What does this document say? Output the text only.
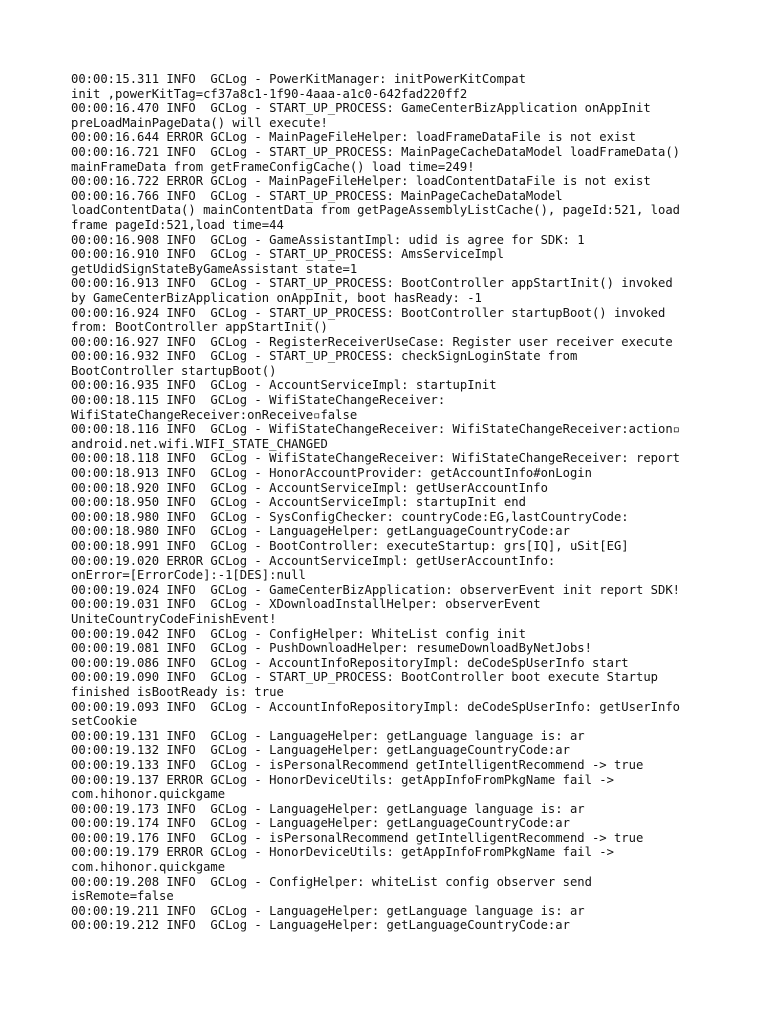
00:00:15.311 INFO  GCLog - PowerKitManager: initPowerKitCompat
init ,powerKitTag=cf37a8c1-1f90-4aaa-a1c0-642fad220ff2
00:00:16.470 INFO  GCLog - START_UP_PROCESS: GameCenterBizApplication onAppInit
preLoadMainPageData() will execute!
00:00:16.644 ERROR GCLog - MainPageFileHelper: loadFrameDataFile is not exist
00:00:16.721 INFO  GCLog - START_UP_PROCESS: MainPageCacheDataModel loadFrameData()
mainFrameData from getFrameConfigCache() load time=249!
00:00:16.722 ERROR GCLog - MainPageFileHelper: loadContentDataFile is not exist
00:00:16.766 INFO  GCLog - START_UP_PROCESS: MainPageCacheDataModel
loadContentData() mainContentData from getPageAssemblyListCache(), pageId:521, load
frame pageId:521,load time=44
00:00:16.908 INFO  GCLog - GameAssistantImpl: udid is agree for SDK: 1
00:00:16.910 INFO  GCLog - START_UP_PROCESS: AmsServiceImpl
getUdidSignStateByGameAssistant state=1
00:00:16.913 INFO  GCLog - START_UP_PROCESS: BootController appStartInit() invoked
by GameCenterBizApplication onAppInit, boot hasReady: -1
00:00:16.924 INFO  GCLog - START_UP_PROCESS: BootController startupBoot() invoked
from: BootController appStartInit()
00:00:16.927 INFO  GCLog - RegisterReceiverUseCase: Register user receiver execute
00:00:16.932 INFO  GCLog - START_UP_PROCESS: checkSignLoginState from
BootController startupBoot()
00:00:16.935 INFO  GCLog - AccountServiceImpl: startupInit
00:00:18.115 INFO  GCLog - WifiStateChangeReceiver:
WifiStateChangeReceiver:onReceive▫false
00:00:18.116 INFO  GCLog - WifiStateChangeReceiver: WifiStateChangeReceiver:action▫
android.net.wifi.WIFI_STATE_CHANGED
00:00:18.118 INFO  GCLog - WifiStateChangeReceiver: WifiStateChangeReceiver: report
00:00:18.913 INFO  GCLog - HonorAccountProvider: getAccountInfo#onLogin
00:00:18.920 INFO  GCLog - AccountServiceImpl: getUserAccountInfo
00:00:18.950 INFO  GCLog - AccountServiceImpl: startupInit end
00:00:18.980 INFO  GCLog - SysConfigChecker: countryCode:EG,lastCountryCode:
00:00:18.980 INFO  GCLog - LanguageHelper: getLanguageCountryCode:ar
00:00:18.991 INFO  GCLog - BootController: executeStartup: grs[IQ], uSit[EG]
00:00:19.020 ERROR GCLog - AccountServiceImpl: getUserAccountInfo:
onError=[ErrorCode]:-1[DES]:null
00:00:19.024 INFO  GCLog - GameCenterBizApplication: observerEvent init report SDK!
00:00:19.031 INFO  GCLog - XDownloadInstallHelper: observerEvent
UniteCountryCodeFinishEvent!
00:00:19.042 INFO  GCLog - ConfigHelper: WhiteList config init
00:00:19.081 INFO  GCLog - PushDownloadHelper: resumeDownloadByNetJobs!
00:00:19.086 INFO  GCLog - AccountInfoRepositoryImpl: deCodeSpUserInfo start
00:00:19.090 INFO  GCLog - START_UP_PROCESS: BootController boot execute Startup
finished isBootReady is: true
00:00:19.093 INFO  GCLog - AccountInfoRepositoryImpl: deCodeSpUserInfo: getUserInfo
setCookie
00:00:19.131 INFO  GCLog - LanguageHelper: getLanguage language is: ar
00:00:19.132 INFO  GCLog - LanguageHelper: getLanguageCountryCode:ar
00:00:19.133 INFO  GCLog - isPersonalRecommend getIntelligentRecommend -> true
00:00:19.137 ERROR GCLog - HonorDeviceUtils: getAppInfoFromPkgName fail ->
com.hihonor.quickgame
00:00:19.173 INFO  GCLog - LanguageHelper: getLanguage language is: ar
00:00:19.174 INFO  GCLog - LanguageHelper: getLanguageCountryCode:ar
00:00:19.176 INFO  GCLog - isPersonalRecommend getIntelligentRecommend -> true
00:00:19.179 ERROR GCLog - HonorDeviceUtils: getAppInfoFromPkgName fail ->
com.hihonor.quickgame
00:00:19.208 INFO  GCLog - ConfigHelper: whiteList config observer send
isRemote=false
00:00:19.211 INFO  GCLog - LanguageHelper: getLanguage language is: ar
00:00:19.212 INFO  GCLog - LanguageHelper: getLanguageCountryCode:ar
